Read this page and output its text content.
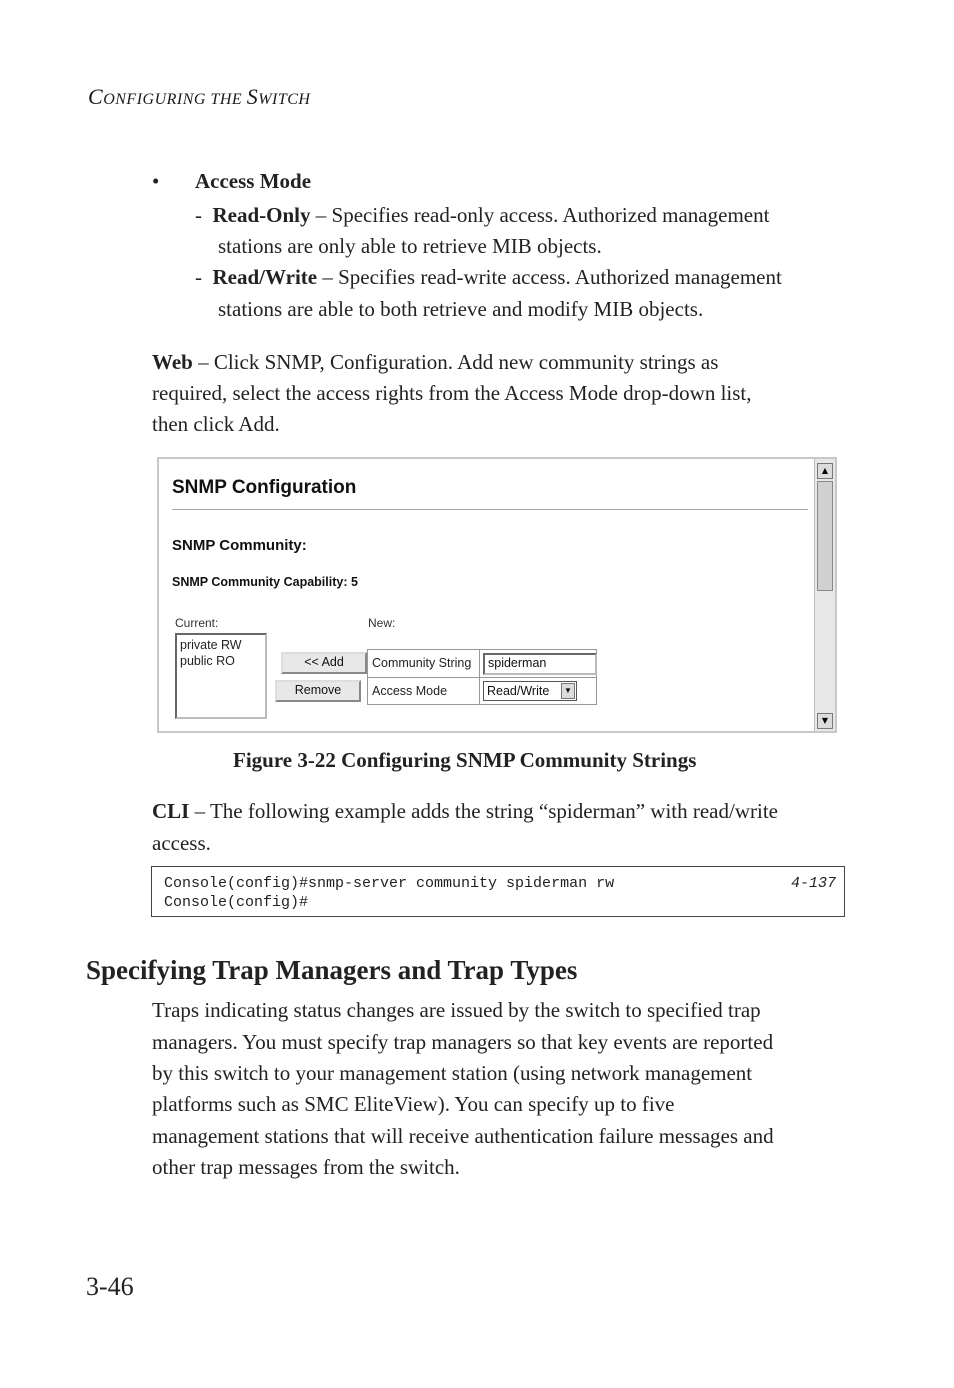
CONFIGURING THE SWITCH
• Access Mode
- Read-Only – Specifies read-only access. Authorized management
stations are only able to retrieve MIB objects.
- Read/Write – Specifies read-write access. Authorized management
stations are able to both retrieve and modify MIB objects.
Web – Click SNMP, Configuration. Add new community strings as
required, select the access rights from the Access Mode drop-down list,
then click Add.
SNMP Configuration
SNMP Community:
SNMP Community Capability: 5
Current:	New:
private RW
public RO	<< Add
Remove
Community String	spiderman
Access Mode	Read/Write	▼
▲
▼
Figure 3-22 Configuring SNMP Community Strings
CLI – The following example adds the string “spiderman” with read/write
access.
Console(config)#snmp-server community spiderman rw
Console(config)#
4-137
Specifying Trap Managers and Trap Types
Traps indicating status changes are issued by the switch to specified trap
managers. You must specify trap managers so that key events are reported
by this switch to your management station (using network management
platforms such as SMC EliteView). You can specify up to five
management stations that will receive authentication failure messages and
other trap messages from the switch.
3-46
